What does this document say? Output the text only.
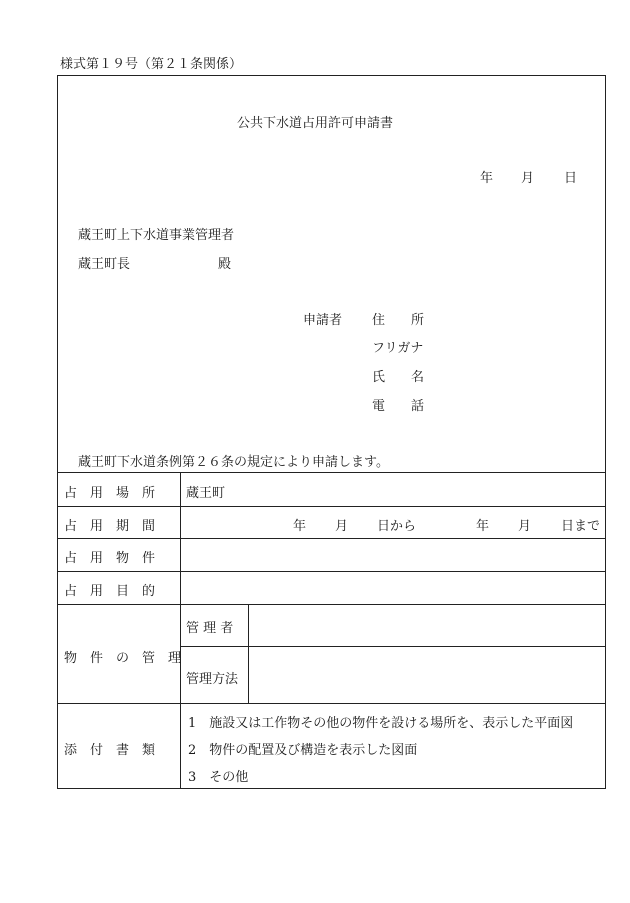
様式第１９号（第２１条関係）
公共下水道占用許可申請書
年 月 日
蔵王町上下水道事業管理者
蔵王町長	殿
申請者 住　　所
フリガナ
氏　　名
電　　話
蔵王町下水道条例第２６条の規定により申請します。
占　用　場　所 蔵王町
占　用　期　間	年 月 日から	年 月 日まで
占　用　物　件
占　用　目　的
物　件　の　管　理
管 理 者
管理方法
添　付　書　類
1　施設又は工作物その他の物件を設ける場所を、表示した平面図
2　物件の配置及び構造を表示した図面
3　その他
